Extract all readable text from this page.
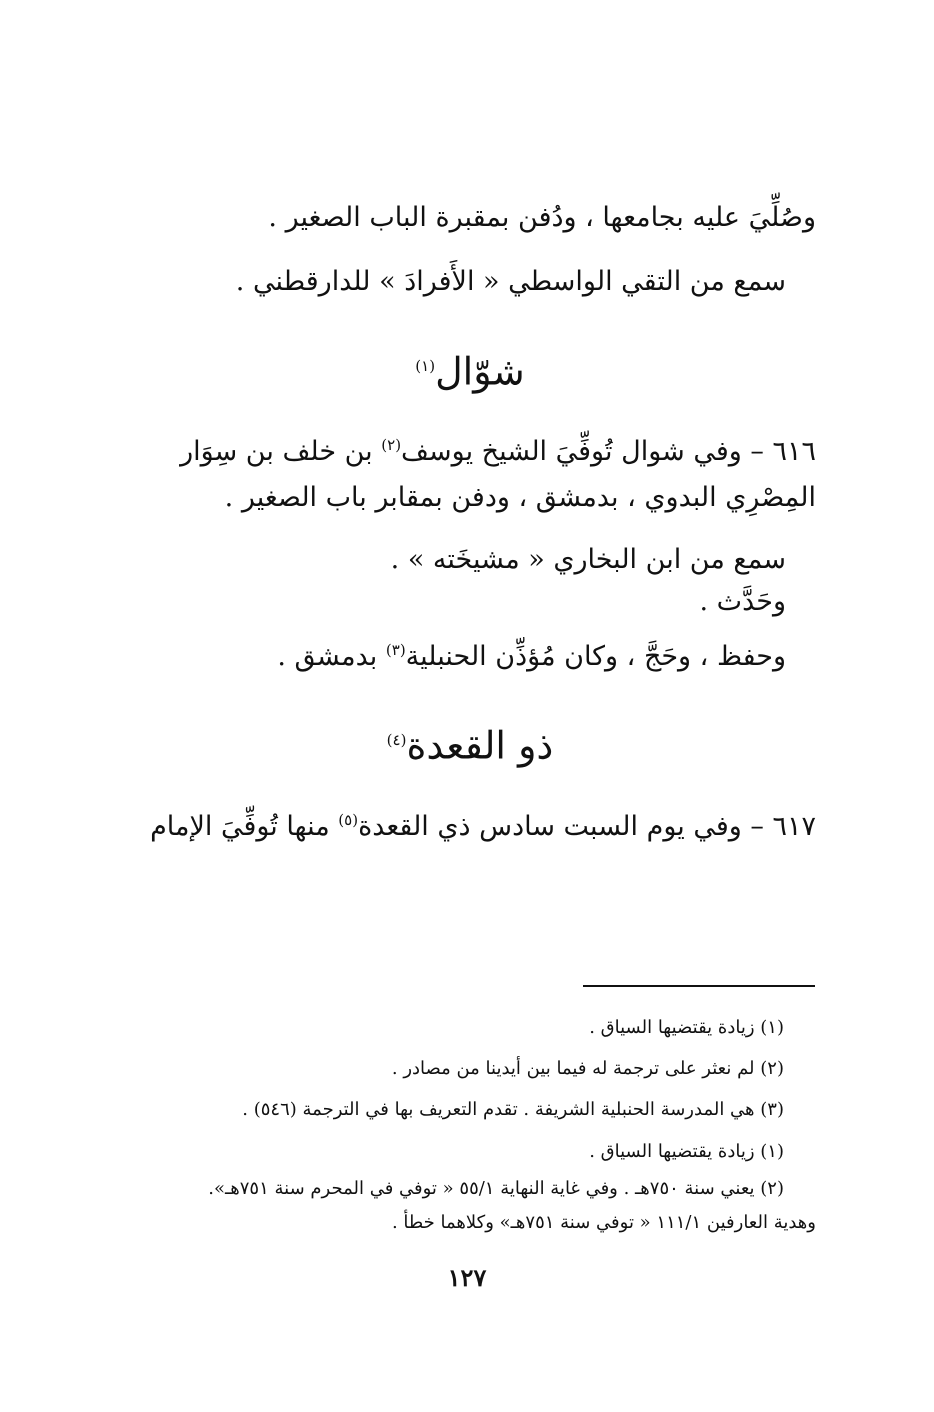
وصُلِّيَ عليه بجامعها ، ودُفن بمقبرة الباب الصغير .
سمع من التقي الواسطي « الأَفرادَ » للدارقطني .
شوّال$^{(١)}$
٦١٦ – وفي شوال تُوفِّيَ الشيخ يوسف$^{(٢)}$ بن خلف بن سِوَار
المِصْرِي البدوي ، بدمشق ، ودفن بمقابر باب الصغير .
سمع من ابن البخاري « مشيخَته » .
وحَدَّث .
وحفظ ، وحَجَّ ، وكان مُؤذِّن الحنبلية$^{(٣)}$ بدمشق .
ذو القعدة$^{(٤)}$
٦١٧ – وفي يوم السبت سادس ذي القعدة$^{(٥)}$ منها تُوفِّيَ الإمام
(١) زيادة يقتضيها السياق .
(٢) لم نعثر على ترجمة له فيما بين أيدينا من مصادر .
(٣) هي المدرسة الحنبلية الشريفة . تقدم التعريف بها في الترجمة (٥٤٦) .
(١) زيادة يقتضيها السياق .
(٢) يعني سنة ٧٥٠هـ . وفي غاية النهاية ٥٥/١ « توفي في المحرم سنة ٧٥١هـ».
وهدية العارفين ١١١/١ « توفي سنة ٧٥١هـ» وكلاهما خطأ .
١٢٧
